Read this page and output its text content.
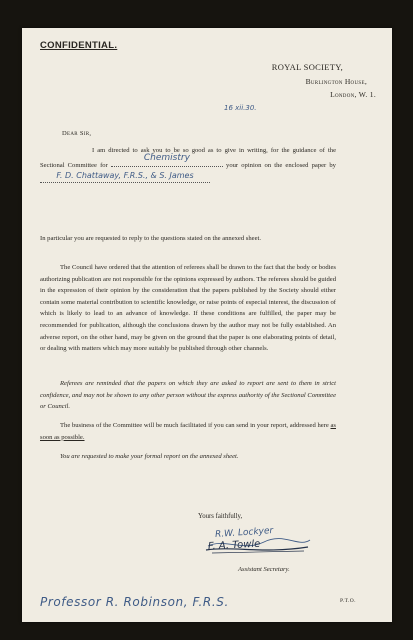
CONFIDENTIAL.
ROYAL SOCIETY,
Burlington House,
London, W. 1.
16 xii.30.
Dear Sir,
I am directed to ask you to be so good as to give in writing, for the guidance of the Sectional Committee for
Chemistry
your opinion on the enclosed paper by
F. D. Chattaway, F.R.S., & S. James
In particular you are requested to reply to the questions stated on the annexed sheet.
The Council have ordered that the attention of referees shall be drawn to the fact that the body or bodies authorizing publication are not responsible for the opinions expressed by authors. The referees should be guided in the expression of their opinion by the consideration that the papers published by the Society should either contain some material contribution to scientific knowledge, or raise points of especial interest, the discussion of which is likely to lead to an advance of knowledge. If these conditions are fulfilled, the paper may be recommended for publication, although the conclusions drawn by the author may not be fully established. An adverse report, on the other hand, may be given on the ground that the paper is one elaborating points of detail, or dealing with matters which may more suitably be published through other channels.
Referees are reminded that the papers on which they are asked to report are sent to them in strict confidence, and may not be shown to any other person without the express authority of the Sectional Committee or Council.
The business of the Committee will be much facilitated if you can send in your report, addressed here as soon as possible.
You are requested to make your formal report on the annexed sheet.
Yours faithfully,
R.W. Lockyer
F. A. Towle
Assistant Secretary.
Professor R. Robinson, F.R.S.	P.T.O.
